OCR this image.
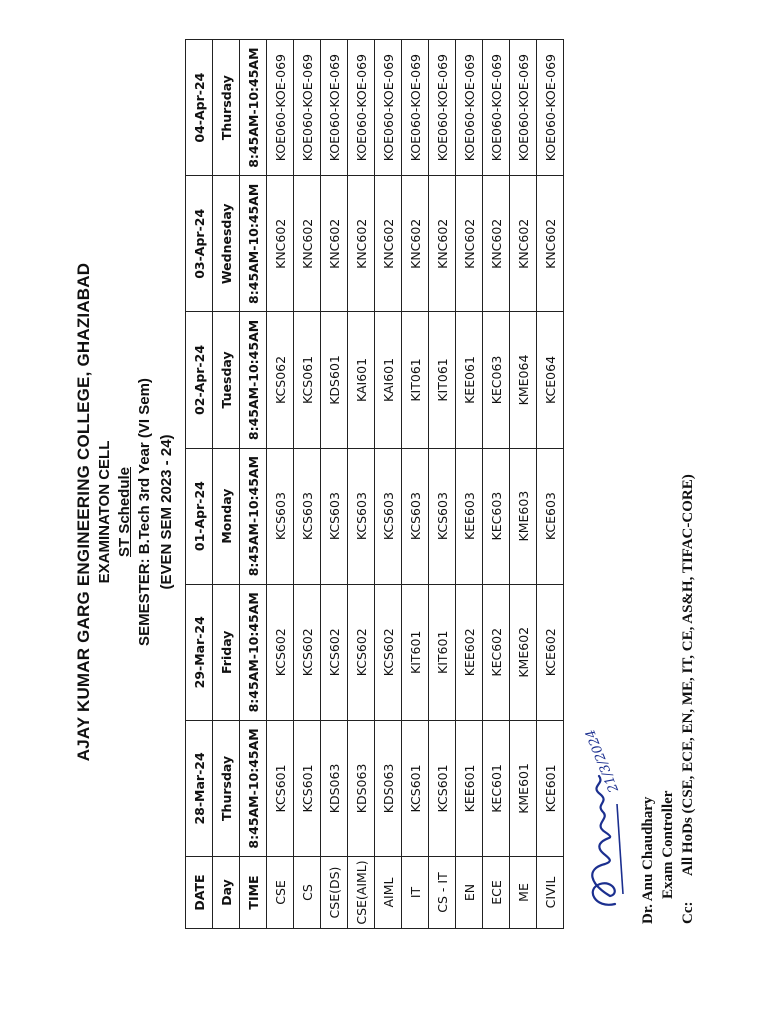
AJAY KUMAR GARG ENGINEERING COLLEGE, GHAZIABAD EXAMINATON CELL ST Schedule SEMESTER: B.Tech 3rd Year (VI Sem) (EVEN SEM 2023 - 24)
DATE	28-Mar-24	29-Mar-24	01-Apr-24	02-Apr-24	03-Apr-24	04-Apr-24
Day	Thursday	Friday	Monday	Tuesday	Wednesday	Thursday
TIME	8:45AM-10:45AM	8:45AM-10:45AM	8:45AM-10:45AM	8:45AM-10:45AM	8:45AM-10:45AM	8:45AM-10:45AM
CSE	KCS601	KCS602	KCS603	KCS062	KNC602	KOE060-KOE-069
CS	KCS601	KCS602	KCS603	KCS061	KNC602	KOE060-KOE-069
CSE(DS)	KDS063	KCS602	KCS603	KDS601	KNC602	KOE060-KOE-069
CSE(AIML)	KDS063	KCS602	KCS603	KAI601	KNC602	KOE060-KOE-069
AIML	KDS063	KCS602	KCS603	KAI601	KNC602	KOE060-KOE-069
IT	KCS601	KIT601	KCS603	KIT061	KNC602	KOE060-KOE-069
CS - IT	KCS601	KIT601	KCS603	KIT061	KNC602	KOE060-KOE-069
EN	KEE601	KEE602	KEE603	KEE061	KNC602	KOE060-KOE-069
ECE	KEC601	KEC602	KEC603	KEC063	KNC602	KOE060-KOE-069
ME	KME601	KME602	KME603	KME064	KNC602	KOE060-KOE-069
CIVIL	KCE601	KCE602	KCE603	KCE064	KNC602	KOE060-KOE-069
21/3/2024
Dr. Anu Chaudhary Exam Controller
Cc:
All HoDs (CSE, ECE, EN, ME, IT, CE, AS&H, TIFAC-CORE)
